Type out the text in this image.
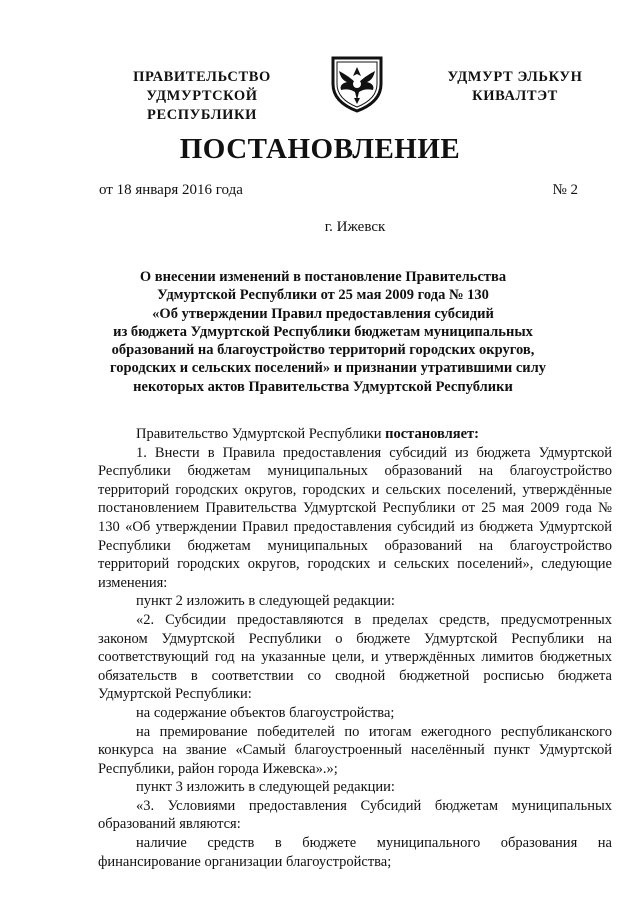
ПРАВИТЕЛЬСТВО
УДМУРТСКОЙ РЕСПУБЛИКИ
УДМУРТ ЭЛЬКУН
КИВАЛТЭТ
ПОСТАНОВЛЕНИЕ
от 18 января 2016 года	№ 2
г. Ижевск
О внесении изменений в постановление Правительства
Удмуртской Республики от 25 мая 2009 года № 130
«Об утверждении Правил предоставления субсидий
из бюджета Удмуртской Республики бюджетам муниципальных
образований на благоустройство территорий городских округов,
городских и сельских поселений» и признании утратившими силу
некоторых актов Правительства Удмуртской Республики

Правительство Удмуртской Республики постановляет:

1. Внести в Правила предоставления субсидий из бюджета Удмуртской Республики бюджетам муниципальных образований на благоустройство территорий городских округов, городских и сельских поселений, утверждённые постановлением Правительства Удмуртской Республики от 25 мая 2009 года № 130 «Об утверждении Правил предоставления субсидий из бюджета Удмуртской Республики бюджетам муниципальных образований на благоустройство территорий городских округов, городских и сельских поселений», следующие изменения:

пункт 2 изложить в следующей редакции:

«2. Субсидии предоставляются в пределах средств, предусмотренных законом Удмуртской Республики о бюджете Удмуртской Республики на соответствующий год на указанные цели, и утверждённых лимитов бюджетных обязательств в соответствии со сводной бюджетной росписью бюджета Удмуртской Республики:

на содержание объектов благоустройства;

на премирование победителей по итогам ежегодного республиканского конкурса на звание «Самый благоустроенный населённый пункт Удмуртской Республики, район города Ижевска».»;

пункт 3 изложить в следующей редакции:

«3. Условиями предоставления Субсидий бюджетам муниципальных образований являются:

наличие средств в бюджете муниципального образования на финансирование организации благоустройства;
